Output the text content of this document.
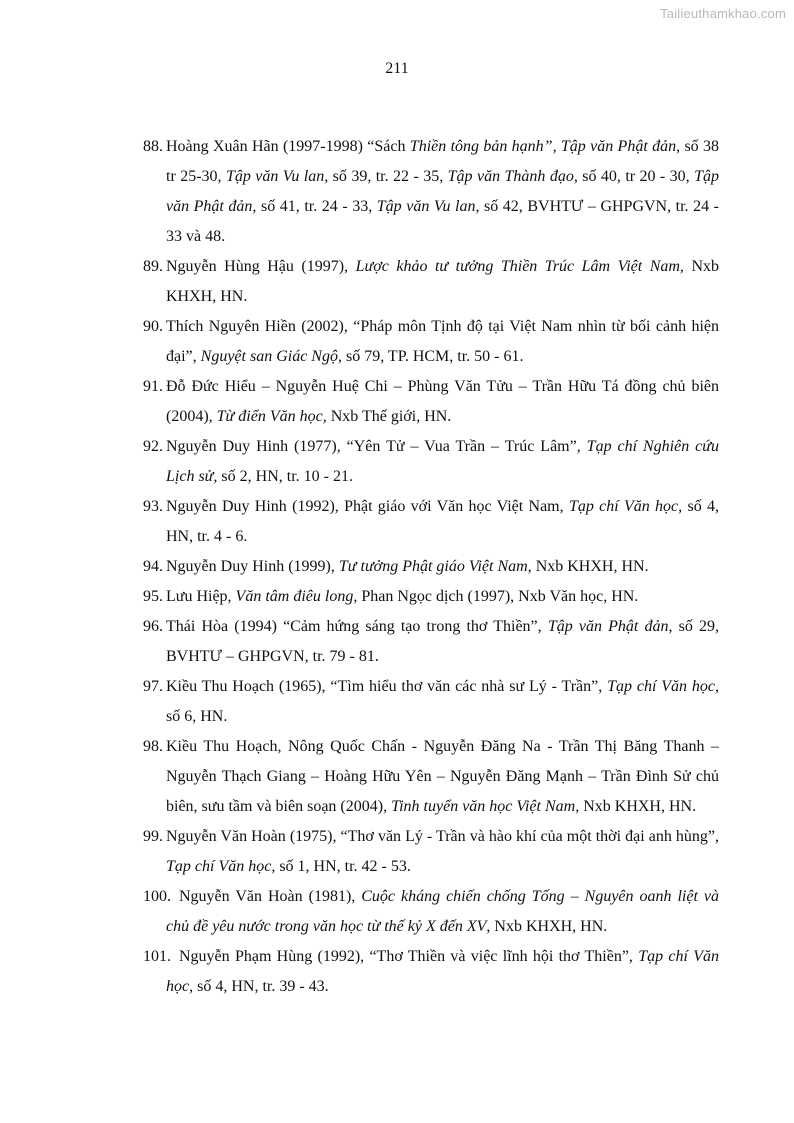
Tailieuthamkhao.com
211
88. Hoàng Xuân Hãn (1997-1998) “Sách Thiền tông bản hạnh”, Tập văn Phật đản, số 38 tr 25-30, Tập văn Vu lan, số 39, tr. 22 - 35, Tập văn Thành đạo, số 40, tr 20 - 30, Tập văn Phật đản, số 41, tr. 24 - 33, Tập văn Vu lan, số 42, BVHTƯ – GHPGVN, tr. 24 - 33 và 48.
89. Nguyễn Hùng Hậu (1997), Lược khảo tư tưởng Thiền Trúc Lâm Việt Nam, Nxb KHXH, HN.
90. Thích Nguyên Hiền (2002), “Pháp môn Tịnh độ tại Việt Nam nhìn từ bối cảnh hiện đại”, Nguyệt san Giác Ngộ, số 79, TP. HCM, tr. 50 - 61.
91. Đỗ Đức Hiểu – Nguyễn Huệ Chi – Phùng Văn Tửu – Trần Hữu Tá đồng chủ biên (2004), Từ điển Văn học, Nxb Thế giới, HN.
92. Nguyễn Duy Hinh (1977), “Yên Tử – Vua Trần – Trúc Lâm”, Tạp chí Nghiên cứu Lịch sử, số 2, HN, tr. 10 - 21.
93. Nguyễn Duy Hinh (1992), Phật giáo với Văn học Việt Nam, Tạp chí Văn học, số 4, HN, tr. 4 - 6.
94. Nguyễn Duy Hinh (1999), Tư tưởng Phật giáo Việt Nam, Nxb KHXH, HN.
95. Lưu Hiệp, Văn tâm điêu long, Phan Ngọc dịch (1997), Nxb Văn học, HN.
96. Thái Hòa (1994) “Cảm hứng sáng tạo trong thơ Thiền”, Tập văn Phật đản, số 29, BVHTƯ – GHPGVN, tr. 79 - 81.
97. Kiều Thu Hoạch (1965), “Tìm hiểu thơ văn các nhà sư Lý - Trần”, Tạp chí Văn học, số 6, HN.
98. Kiều Thu Hoạch, Nông Quốc Chấn - Nguyễn Đăng Na - Trần Thị Băng Thanh – Nguyễn Thạch Giang – Hoàng Hữu Yên – Nguyễn Đăng Mạnh – Trần Đình Sử chủ biên, sưu tầm và biên soạn (2004), Tinh tuyển văn học Việt Nam, Nxb KHXH, HN.
99. Nguyễn Văn Hoàn (1975), “Thơ văn Lý - Trần và hào khí của một thời đại anh hùng”, Tạp chí Văn học, số 1, HN, tr. 42 - 53.
100. Nguyễn Văn Hoàn (1981), Cuộc kháng chiến chống Tống – Nguyên oanh liệt và chủ đề yêu nước trong văn học từ thế kỷ X đến XV, Nxb KHXH, HN.
101. Nguyễn Phạm Hùng (1992), “Thơ Thiền và việc lĩnh hội thơ Thiền”, Tạp chí Văn học, số 4, HN, tr. 39 - 43.
